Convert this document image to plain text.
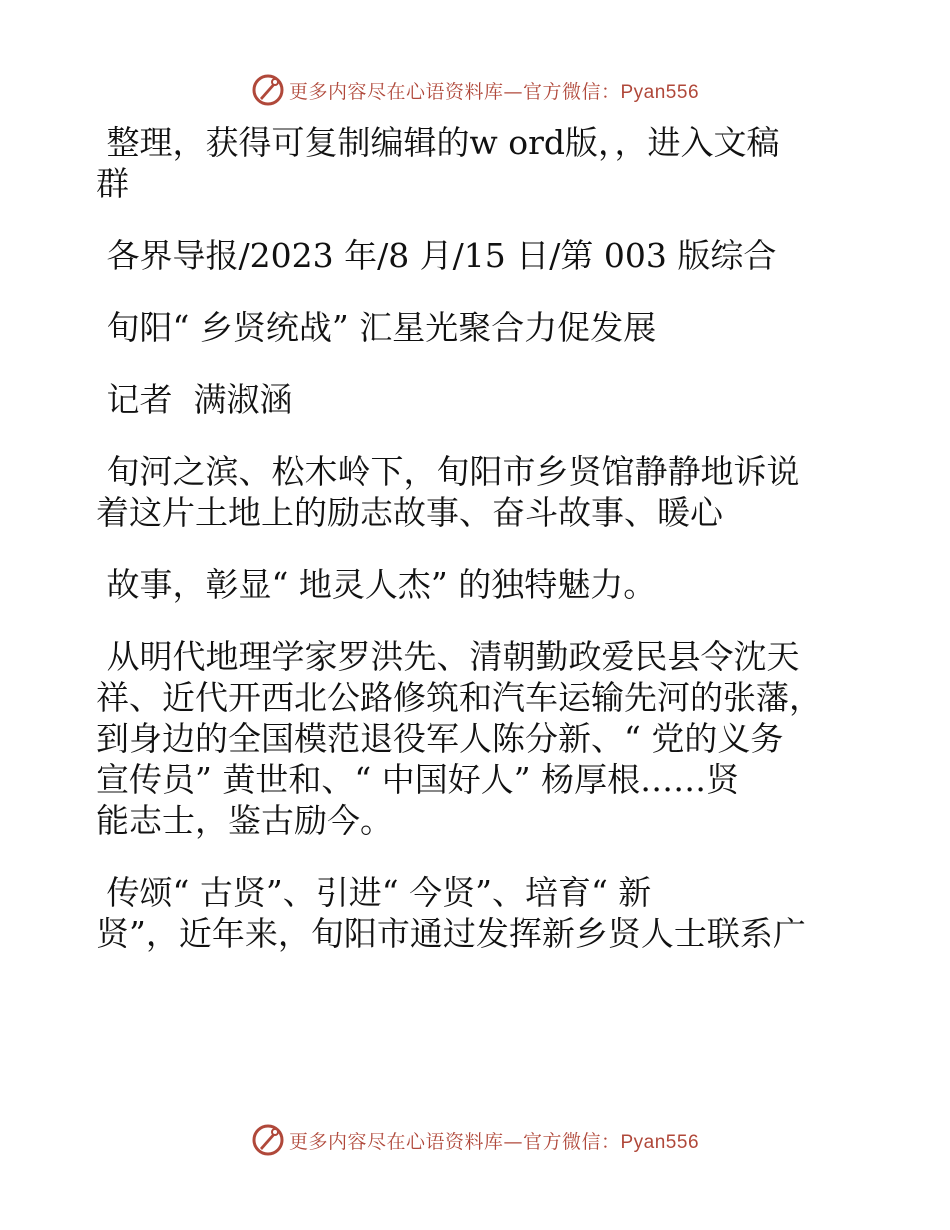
更多内容尽在心语资料库—官方微信：Pyan556
整理，获得可复制编辑的w ord版，，进入文稿
群
各界导报/2023 年/8 月/15 日/第 003 版综合
旬阳“ 乡贤统战” 汇星光聚合力促发展
记者  满淑涵
旬河之滨、松木岭下，旬阳市乡贤馆静静地诉说
着这片土地上的励志故事、奋斗故事、暖心
故事，彰显“ 地灵人杰” 的独特魅力。
从明代地理学家罗洪先、清朝勤政爱民县令沈天
祥、近代开西北公路修筑和汽车运输先河的张藩，
到身边的全国模范退役军人陈分新、“ 党的义务
宣传员” 黄世和、“ 中国好人” 杨厚根……贤
能志士，鉴古励今。
传颂“ 古贤”、引进“ 今贤”、培育“ 新
贤”，近年来，旬阳市通过发挥新乡贤人士联系广
更多内容尽在心语资料库—官方微信：Pyan556
